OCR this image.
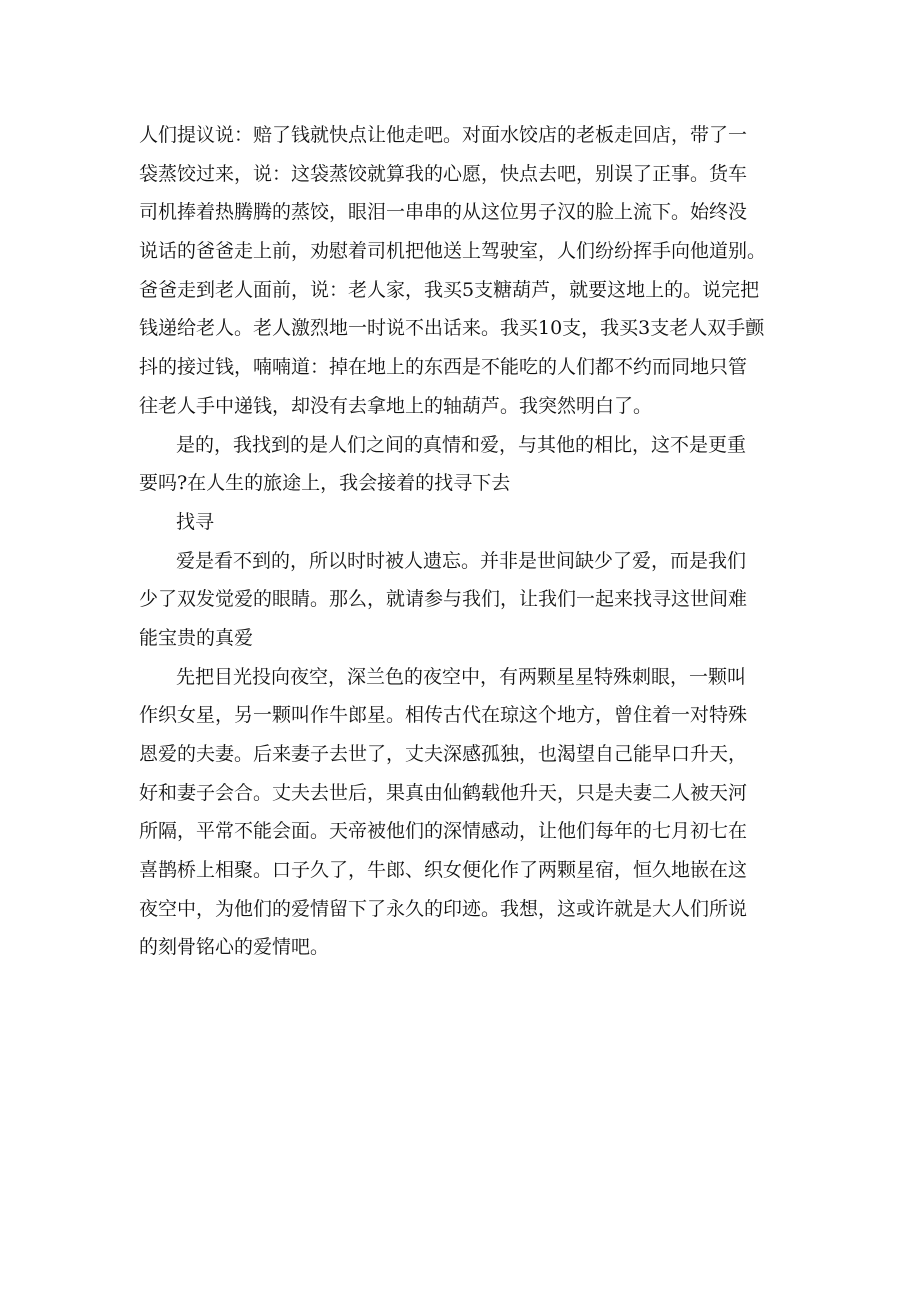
人们提议说：赔了钱就快点让他走吧。对面水饺店的老板走回店，带了一
袋蒸饺过来，说：这袋蒸饺就算我的心愿，快点去吧，别误了正事。货车
司机捧着热腾腾的蒸饺，眼泪一串串的从这位男子汉的脸上流下。始终没
说话的爸爸走上前，劝慰着司机把他送上驾驶室，人们纷纷挥手向他道别。
爸爸走到老人面前，说：老人家，我买5支糖葫芦，就要这地上的。说完把
钱递给老人。老人激烈地一时说不出话来。我买10支，我买3支老人双手颤
抖的接过钱，喃喃道：掉在地上的东西是不能吃的人们都不约而同地只管
往老人手中递钱，却没有去拿地上的轴葫芦。我突然明白了。
是的，我找到的是人们之间的真情和爱，与其他的相比，这不是更重
要吗?在人生的旅途上，我会接着的找寻下去
找寻
爱是看不到的，所以时时被人遗忘。并非是世间缺少了爱，而是我们
少了双发觉爱的眼睛。那么，就请参与我们，让我们一起来找寻这世间难
能宝贵的真爱
先把目光投向夜空，深兰色的夜空中，有两颗星星特殊刺眼，一颗叫
作织女星，另一颗叫作牛郎星。相传古代在琼这个地方，曾住着一对特殊
恩爱的夫妻。后来妻子去世了，丈夫深感孤独，也渴望自己能早口升天，
好和妻子会合。丈夫去世后，果真由仙鹤载他升天，只是夫妻二人被天河
所隔，平常不能会面。天帝被他们的深情感动，让他们每年的七月初七在
喜鹊桥上相聚。口子久了，牛郎、织女便化作了两颗星宿，恒久地嵌在这
夜空中，为他们的爱情留下了永久的印迹。我想，这或许就是大人们所说
的刻骨铭心的爱情吧。
